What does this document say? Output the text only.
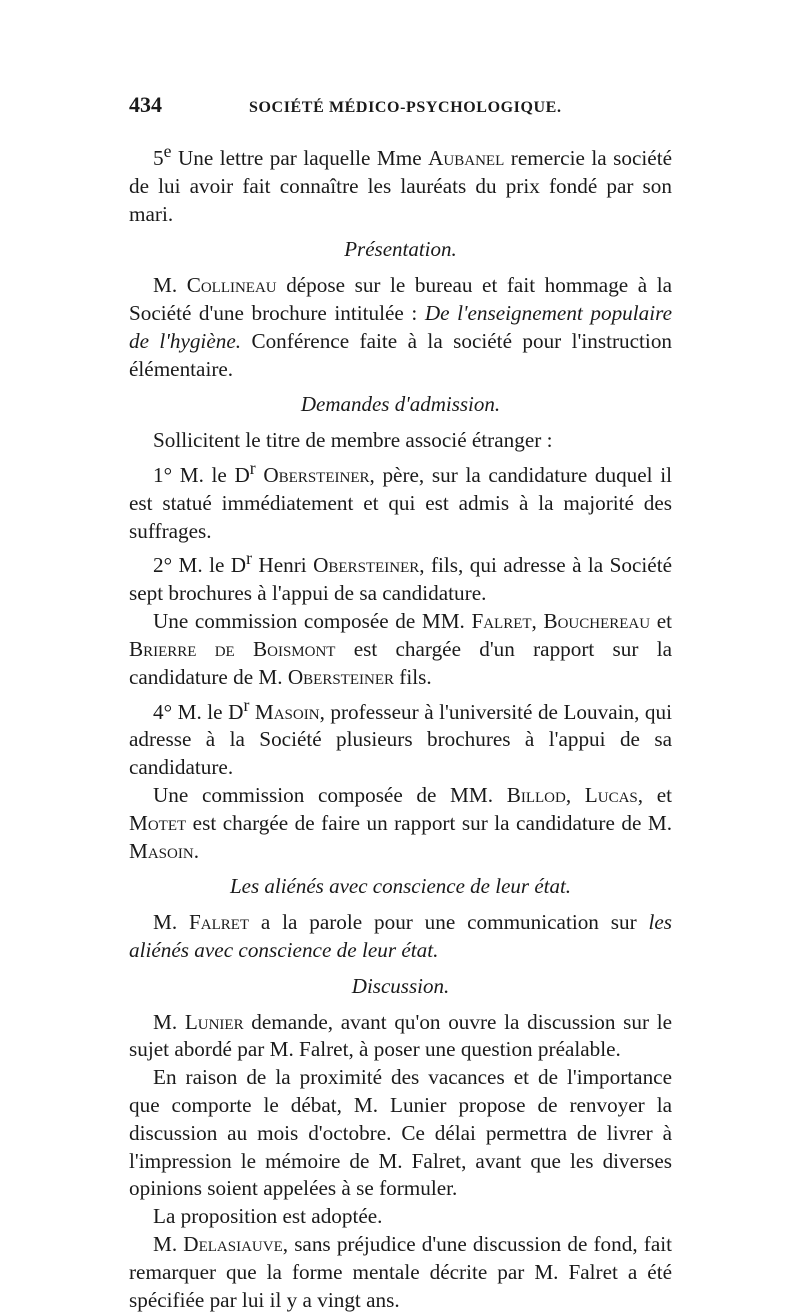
434	SOCIÉTÉ MÉDICO-PSYCHOLOGIQUE.

5e Une lettre par laquelle Mme Aubanel remercie la société de lui avoir fait connaître les lauréats du prix fondé par son mari.

Présentation.

M. Collineau dépose sur le bureau et fait hommage à la Société d'une brochure intitulée : De l'enseignement populaire de l'hygiène. Conférence faite à la société pour l'instruction élémentaire.

Demandes d'admission.

Sollicitent le titre de membre associé étranger :

1° M. le $D^r$ Obersteiner, père, sur la candidature duquel il est statué immédiatement et qui est admis à la majorité des suffrages.

2° M. le $D^r$ Henri Obersteiner, fils, qui adresse à la Société sept brochures à l'appui de sa candidature.

Une commission composée de MM. Falret, Bouchereau et Brierre de Boismont est chargée d'un rapport sur la candidature de M. Obersteiner fils.

4° M. le $D^r$ Masoin, professeur à l'université de Louvain, qui adresse à la Société plusieurs brochures à l'appui de sa candidature.

Une commission composée de MM. Billod, Lucas, et Motet est chargée de faire un rapport sur la candidature de M. Masoin.

Les aliénés avec conscience de leur état.

M. Falret a la parole pour une communication sur les aliénés avec conscience de leur état.

Discussion.

M. Lunier demande, avant qu'on ouvre la discussion sur le sujet abordé par M. Falret, à poser une question préalable.

En raison de la proximité des vacances et de l'importance que comporte le débat, M. Lunier propose de renvoyer la discussion au mois d'octobre. Ce délai permettra de livrer à l'impression le mémoire de M. Falret, avant que les diverses opinions soient appelées à se formuler.

La proposition est adoptée.

M. Delasiauve, sans préjudice d'une discussion de fond, fait remarquer que la forme mentale décrite par M. Falret a été spécifiée par lui il y a vingt ans.
